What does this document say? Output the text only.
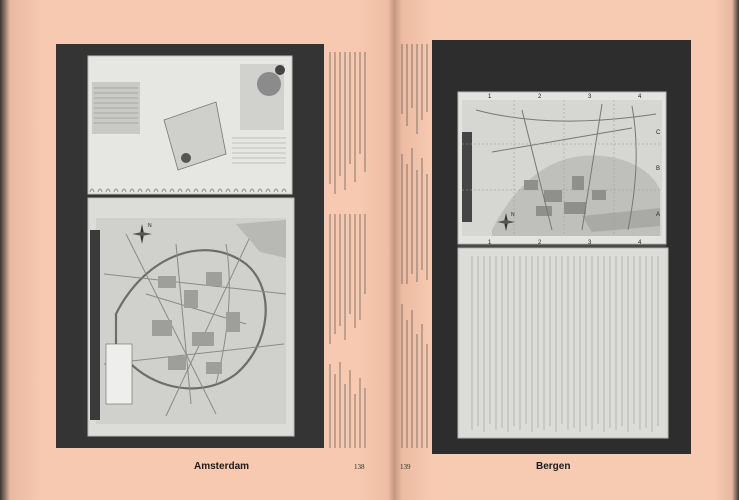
N
Amsterdam	138
1	2	3	4
1	2	3	4
A
B
C
N
139	Bergen
